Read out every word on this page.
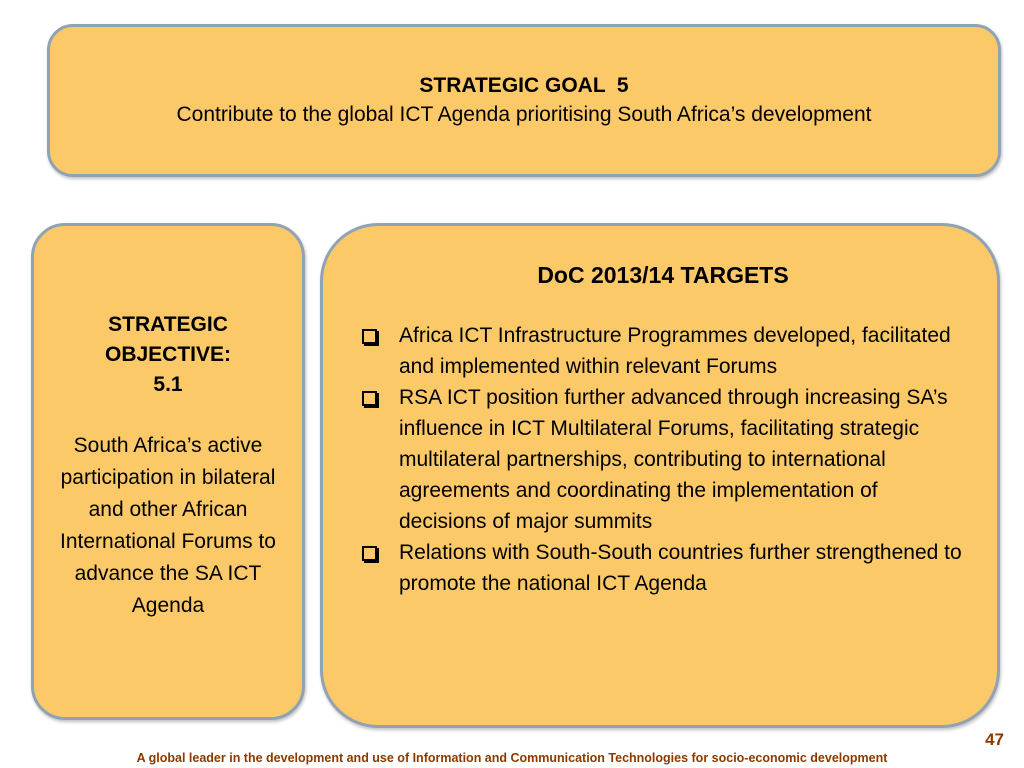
STRATEGIC GOAL  5
Contribute to the global ICT Agenda prioritising South Africa’s development
STRATEGIC
OBJECTIVE:
5.1
South Africa’s active participation in bilateral and other African International Forums to advance the SA ICT Agenda
DoC 2013/14 TARGETS
Africa ICT Infrastructure Programmes developed, facilitated and implemented within relevant Forums
RSA ICT position further advanced through increasing SA’s influence in ICT Multilateral Forums, facilitating strategic multilateral partnerships, contributing to international agreements and coordinating the implementation of decisions of major summits
Relations with South-South countries further strengthened to promote the national ICT Agenda
47
A global leader in the development and use of Information and Communication Technologies for socio-economic development
